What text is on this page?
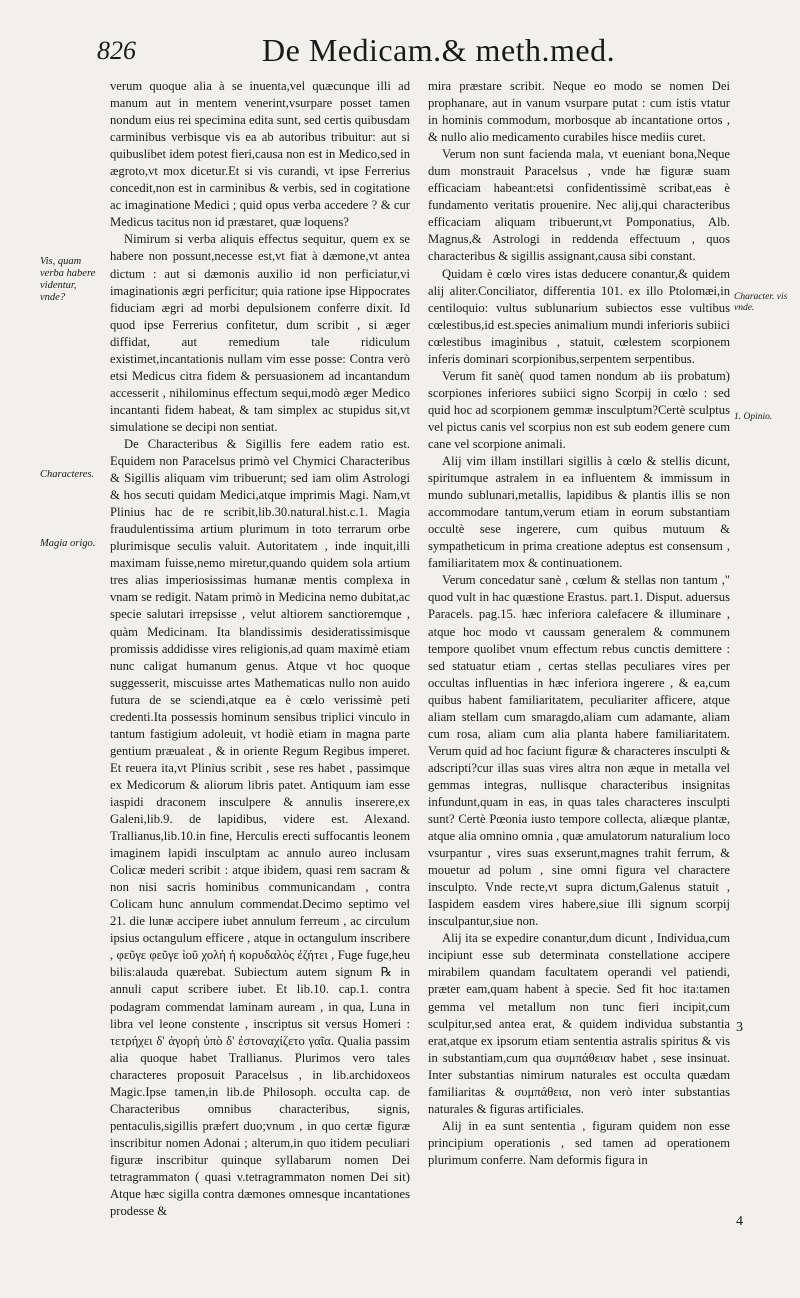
826	De Medicam.& meth.med.
Vis, quam verba habere videntur, vnde?
Characteres.
Magia origo.
Character. vis vnde.
1. Opinio.
3
4

verum quoque alia à se inuenta,vel quæcunque illi ad manum aut in mentem venerint,vsurpare posset tamen nondum eius rei specimina edita sunt, sed certis quibusdam carminibus verbisque vis ea ab autoribus tribuitur: aut si quibuslibet idem potest fieri,causa non est in Medico,sed in ægroto,vt mox dicetur.Et si vis curandi, vt ipse Ferrerius concedit,non est in carminibus & verbis, sed in cogitatione ac imaginatione Medici ; quid opus verba accedere ? & cur Medicus tacitus non id præstaret, quæ loquens?

Nimirum si verba aliquis effectus sequitur, quem ex se habere non possunt,necesse est,vt fiat à dæmone,vt antea dictum : aut si dæmonis auxilio id non perficiatur,vi imaginationis ægri perficitur; quia ratione ipse Hippocrates fiduciam ægri ad morbi depulsionem conferre dixit. Id quod ipse Ferrerius confitetur, dum scribit , si æger diffidat, aut remedium tale ridiculum existimet,incantationis nullam vim esse posse: Contra verò etsi Medicus citra fidem & persuasionem ad incantandum accesserit , nihilominus effectum sequi,modò æger Medico incantanti fidem habeat, & tam simplex ac stupidus sit,vt simulatione se decipi non sentiat.

De Characteribus & Sigillis fere eadem ratio est. Equidem non Paracelsus primò vel Chymici Characteribus & Sigillis aliquam vim tribuerunt; sed iam olim Astrologi & hos secuti quidam Medici,atque imprimis Magi. Nam,vt Plinius hac de re scribit,lib.30.natural.hist.c.1. Magia fraudulentissima artium plurimum in toto terrarum orbe plurimisque seculis valuit. Autoritatem , inde inquit,illi maximam fuisse,nemo miretur,quando quidem sola artium tres alias imperiosissimas humanæ mentis complexa in vnam se redigit. Natam primò in Medicina nemo dubitat,ac specie salutari irrepsisse , velut altiorem sanctioremque , quàm Medicinam. Ita blandissimis desideratissimisque promissis addidisse vires religionis,ad quam maximè etiam nunc caligat humanum genus. Atque vt hoc quoque suggesserit, miscuisse artes Mathematicas nullo non auido futura de se sciendi,atque ea è cœlo verissimè peti credenti.Ita possessis hominum sensibus triplici vinculo in tantum fastigium adoleuit, vt hodiè etiam in magna parte gentium præualeat , & in oriente Regum Regibus imperet. Et reuera ita,vt Plinius scribit , sese res habet , passimque ex Medicorum & aliorum libris patet. Antiquum iam esse iaspidi draconem insculpere & annulis inserere,ex Galeni,lib.9. de lapidibus, videre est. Alexand. Trallianus,lib.10.in fine, Herculis erecti suffocantis leonem imaginem lapidi insculptam ac annulo aureo inclusam Colicæ mederi scribit : atque ibidem, quasi rem sacram & non nisi sacris hominibus communicandam , contra Colicam hunc annulum commendat.Decimo septimo vel 21. die lunæ accipere iubet annulum ferreum , ac circulum ipsius octangulum efficere , atque in octangulum inscribere , φεῦγε φεῦγε ἰοῦ χολὴ ἡ κορυδαλὸς ἐζήτει , Fuge fuge,heu bilis:alauda quærebat. Subiectum autem signum ℞ in annuli caput scribere iubet. Et lib.10. cap.1. contra podagram commendat laminam auream , in qua, Luna in libra vel leone constente , inscriptus sit versus Homeri : τετρήχει δ' ἀγορὴ ὑπὸ δ' ἐστοναχίζετο γαῖα. Qualia passim alia quoque habet Trallianus. Plurimos vero tales characteres proposuit Paracelsus , in lib.archidoxeos Magic.Ipse tamen,in lib.de Philosoph. occulta cap. de Characteribus omnibus characteribus, signis, pentaculis,sigillis præfert duo;vnum , in quo certæ figuræ inscribitur nomen Adonai ; alterum,in quo itidem peculiari figuræ inscribitur quinque syllabarum nomen Dei tetragrammaton ( quasi v.tetragrammaton nomen Dei sit) Atque hæc sigilla contra dæmones omnesque incantationes prodesse &

mira præstare scribit. Neque eo modo se nomen Dei prophanare, aut in vanum vsurpare putat : cum istis vtatur in hominis commodum, morbosque ab incantatione ortos , & nullo alio medicamento curabiles hisce mediis curet.

Verum non sunt facienda mala, vt eueniant bona,Neque dum monstrauit Paracelsus , vnde hæ figuræ suam efficaciam habeant:etsi confidentissimè scribat,eas è fundamento veritatis prouenire. Nec alij,qui characteribus efficaciam aliquam tribuerunt,vt Pomponatius, Alb. Magnus,& Astrologi in reddenda effectuum , quos characteribus & sigillis assignant,causa sibi constant.

Quidam è cœlo vires istas deducere conantur,& quidem alij aliter.Conciliator, differentia 101. ex illo Ptolomæi,in centiloquio: vultus sublunarium subiectos esse vultibus cœlestibus,id est.species animalium mundi inferioris subiici cœlestibus imaginibus , statuit, cœlestem scorpionem inferis dominari scorpionibus,serpentem serpentibus.

Verum fit sanè( quod tamen nondum ab iis probatum) scorpiones inferiores subiici signo Scorpij in cœlo : sed quid hoc ad scorpionem gemmæ insculptum?Certè sculptus vel pictus canis vel scorpius non est sub eodem genere cum cane vel scorpione animali.

Alij vim illam instillari sigillis à cœlo & stellis dicunt, spiritumque astralem in ea influentem & immissum in mundo sublunari,metallis, lapidibus & plantis illis se non accommodare tantum,verum etiam in eorum substantiam occultè sese ingerere, cum quibus mutuum & sympatheticum in prima creatione adeptus est consensum , familiaritatem mox & continuationem.

Verum concedatur sanè , cœlum & stellas non tantum ," quod vult in hac quæstione Erastus. part.1. Disput. aduersus Paracels. pag.15. hæc inferiora calefacere & illuminare , atque hoc modo vt caussam generalem & communem tempore quolibet vnum effectum rebus cunctis demittere : sed statuatur etiam , certas stellas peculiares vires per occultas influentias in hæc inferiora ingerere , & ea,cum quibus habent familiaritatem, peculiariter afficere, atque aliam stellam cum smaragdo,aliam cum adamante, aliam cum rosa, aliam cum alia planta habere familiaritatem. Verum quid ad hoc faciunt figuræ & characteres insculpti & adscripti?cur illas suas vires altra non æque in metalla vel gemmas integras, nullisque characteribus insignitas infundunt,quam in eas, in quas tales characteres insculpti sunt? Certè Pœonia iusto tempore collecta, aliæque plantæ, atque alia omnino omnia , quæ amulatorum naturalium loco vsurpantur , vires suas exserunt,magnes trahit ferrum, & mouetur ad polum , sine omni figura vel charactere insculpto. Vnde recte,vt supra dictum,Galenus statuit , Iaspidem easdem vires habere,siue illi signum scorpij insculpantur,siue non.

Alij ita se expedire conantur,dum dicunt , Individua,cum incipiunt esse sub determinata constellatione accipere mirabilem quandam facultatem operandi vel patiendi, præter eam,quam habent à specie. Sed fit hoc ita:tamen gemma vel metallum non tunc fieri incipit,cum sculpitur,sed antea erat, & quidem individua substantia erat,atque ex ipsorum etiam sententia astralis spiritus & vis in substantiam,cum qua συμπάθειαν habet , sese insinuat. Inter substantias nimirum naturales est occulta quædam familiaritas & συμπάθεια, non verò inter substantias naturales & figuras artificiales.

Alij in ea sunt sententia , figuram quidem non esse principium operationis , sed tamen ad operationem plurimum conferre. Nam deformis figura in
